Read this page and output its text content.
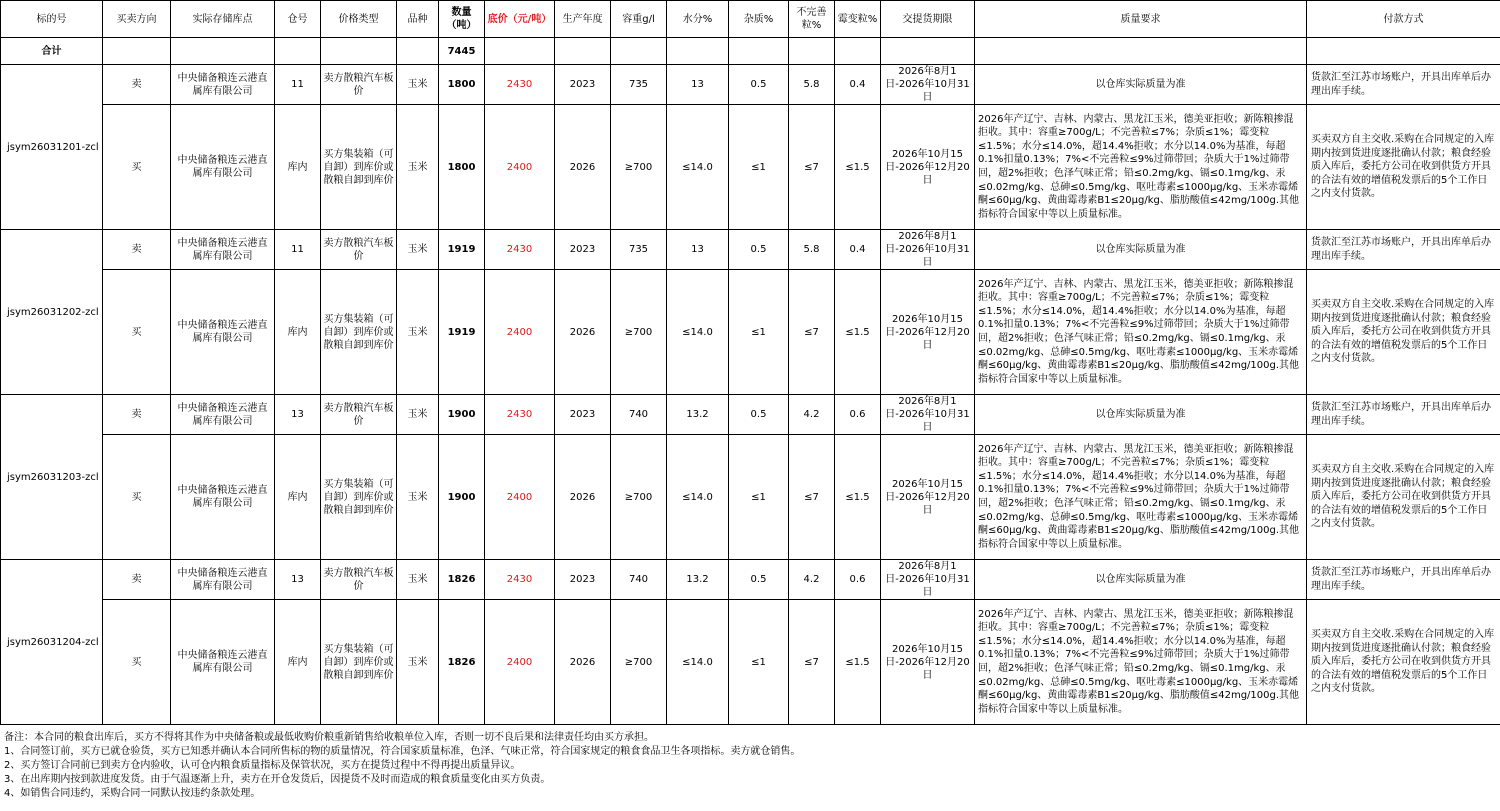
标的号	买卖方向	实际存储库点	仓号	价格类型	品种	数量（吨）	底价（元/吨）	生产年度	容重g/l	水分%	杂质%	不完善粒%	霉变粒%	交提货期限	质量要求	付款方式
合计						7445										
jsym26031201-zcl	卖	中央储备粮连云港直属库有限公司	11	卖方散粮汽车板价	玉米	1800	2430	2023	735	13	0.5	5.8	0.4	2026年8月1日-2026年10月31日	以仓库实际质量为准	货款汇至江苏市场账户，开具出库单后办理出库手续。
	买	中央储备粮连云港直属库有限公司	库内	买方集装箱（可自卸）到库价或散粮自卸到库价	玉米	1800	2400	2026	≥700	≤14.0	≤1	≤7	≤1.5	2026年10月15日-2026年12月20日	2026年产辽宁、吉林、内蒙古、黑龙江玉米，德美亚拒收；新陈粮掺混拒收。其中：容重≥700g/L；不完善粒≤7%；杂质≤1%；霉变粒≤1.5%；水分≤14.0%，超14.4%拒收；水分以14.0%为基准，每超0.1%扣量0.13%；7%<不完善粒≤9%过筛带回；杂质大于1%过筛带回，超2%拒收；色泽气味正常；铅≤0.2mg/kg、镉≤0.1mg/kg、汞≤0.02mg/kg、总砷≤0.5mg/kg、呕吐毒素≤1000μg/kg、玉米赤霉烯酮≤60μg/kg、黄曲霉毒素B1≤20μg/kg、脂肪酸值≤42mg/100g.其他指标符合国家中等以上质量标准。	买卖双方自主交收.采购在合同规定的入库期内按到货进度逐批确认付款；粮食经验质入库后，委托方公司在收到供货方开具的合法有效的增值税发票后的5个工作日之内支付货款。
jsym26031202-zcl	卖	中央储备粮连云港直属库有限公司	11	卖方散粮汽车板价	玉米	1919	2430	2023	735	13	0.5	5.8	0.4	2026年8月1日-2026年10月31日	以仓库实际质量为准	货款汇至江苏市场账户，开具出库单后办理出库手续。
	买	中央储备粮连云港直属库有限公司	库内	买方集装箱（可自卸）到库价或散粮自卸到库价	玉米	1919	2400	2026	≥700	≤14.0	≤1	≤7	≤1.5	2026年10月15日-2026年12月20日	2026年产辽宁、吉林、内蒙古、黑龙江玉米，德美亚拒收；新陈粮掺混拒收。其中：容重≥700g/L；不完善粒≤7%；杂质≤1%；霉变粒≤1.5%；水分≤14.0%，超14.4%拒收；水分以14.0%为基准，每超0.1%扣量0.13%；7%<不完善粒≤9%过筛带回；杂质大于1%过筛带回，超2%拒收；色泽气味正常；铅≤0.2mg/kg、镉≤0.1mg/kg、汞≤0.02mg/kg、总砷≤0.5mg/kg、呕吐毒素≤1000μg/kg、玉米赤霉烯酮≤60μg/kg、黄曲霉毒素B1≤20μg/kg、脂肪酸值≤42mg/100g.其他指标符合国家中等以上质量标准。	买卖双方自主交收.采购在合同规定的入库期内按到货进度逐批确认付款；粮食经验质入库后，委托方公司在收到供货方开具的合法有效的增值税发票后的5个工作日之内支付货款。
jsym26031203-zcl	卖	中央储备粮连云港直属库有限公司	13	卖方散粮汽车板价	玉米	1900	2430	2023	740	13.2	0.5	4.2	0.6	2026年8月1日-2026年10月31日	以仓库实际质量为准	货款汇至江苏市场账户，开具出库单后办理出库手续。
	买	中央储备粮连云港直属库有限公司	库内	买方集装箱（可自卸）到库价或散粮自卸到库价	玉米	1900	2400	2026	≥700	≤14.0	≤1	≤7	≤1.5	2026年10月15日-2026年12月20日	2026年产辽宁、吉林、内蒙古、黑龙江玉米，德美亚拒收；新陈粮掺混拒收。其中：容重≥700g/L；不完善粒≤7%；杂质≤1%；霉变粒≤1.5%；水分≤14.0%，超14.4%拒收；水分以14.0%为基准，每超0.1%扣量0.13%；7%<不完善粒≤9%过筛带回；杂质大于1%过筛带回，超2%拒收；色泽气味正常；铅≤0.2mg/kg、镉≤0.1mg/kg、汞≤0.02mg/kg、总砷≤0.5mg/kg、呕吐毒素≤1000μg/kg、玉米赤霉烯酮≤60μg/kg、黄曲霉毒素B1≤20μg/kg、脂肪酸值≤42mg/100g.其他指标符合国家中等以上质量标准。	买卖双方自主交收.采购在合同规定的入库期内按到货进度逐批确认付款；粮食经验质入库后，委托方公司在收到供货方开具的合法有效的增值税发票后的5个工作日之内支付货款。
jsym26031204-zcl	卖	中央储备粮连云港直属库有限公司	13	卖方散粮汽车板价	玉米	1826	2430	2023	740	13.2	0.5	4.2	0.6	2026年8月1日-2026年10月31日	以仓库实际质量为准	货款汇至江苏市场账户，开具出库单后办理出库手续。
	买	中央储备粮连云港直属库有限公司	库内	买方集装箱（可自卸）到库价或散粮自卸到库价	玉米	1826	2400	2026	≥700	≤14.0	≤1	≤7	≤1.5	2026年10月15日-2026年12月20日	2026年产辽宁、吉林、内蒙古、黑龙江玉米，德美亚拒收；新陈粮掺混拒收。其中：容重≥700g/L；不完善粒≤7%；杂质≤1%；霉变粒≤1.5%；水分≤14.0%，超14.4%拒收；水分以14.0%为基准，每超0.1%扣量0.13%；7%<不完善粒≤9%过筛带回；杂质大于1%过筛带回，超2%拒收；色泽气味正常；铅≤0.2mg/kg、镉≤0.1mg/kg、汞≤0.02mg/kg、总砷≤0.5mg/kg、呕吐毒素≤1000μg/kg、玉米赤霉烯酮≤60μg/kg、黄曲霉毒素B1≤20μg/kg、脂肪酸值≤42mg/100g.其他指标符合国家中等以上质量标准。	买卖双方自主交收.采购在合同规定的入库期内按到货进度逐批确认付款；粮食经验质入库后，委托方公司在收到供货方开具的合法有效的增值税发票后的5个工作日之内支付货款。
备注：本合同的粮食出库后，买方不得将其作为中央储备粮或最低收购价粮重新销售给收粮单位入库，否则一切不良后果和法律责任均由买方承担。
1、合同签订前，买方已就仓验货，买方已知悉并确认本合同所售标的物的质量情况，符合国家质量标准，色泽、气味正常，符合国家规定的粮食食品卫生各项指标。卖方就仓销售。
2、买方签订合同前已到卖方仓内验收，认可仓内粮食质量指标及保管状况，买方在提货过程中不得再提出质量异议。
3、在出库期内按到款进度发货。由于气温逐渐上升，卖方在开仓发货后，因提货不及时而造成的粮食质量变化由买方负责。
4、如销售合同违约，采购合同一同默认按违约条款处理。
